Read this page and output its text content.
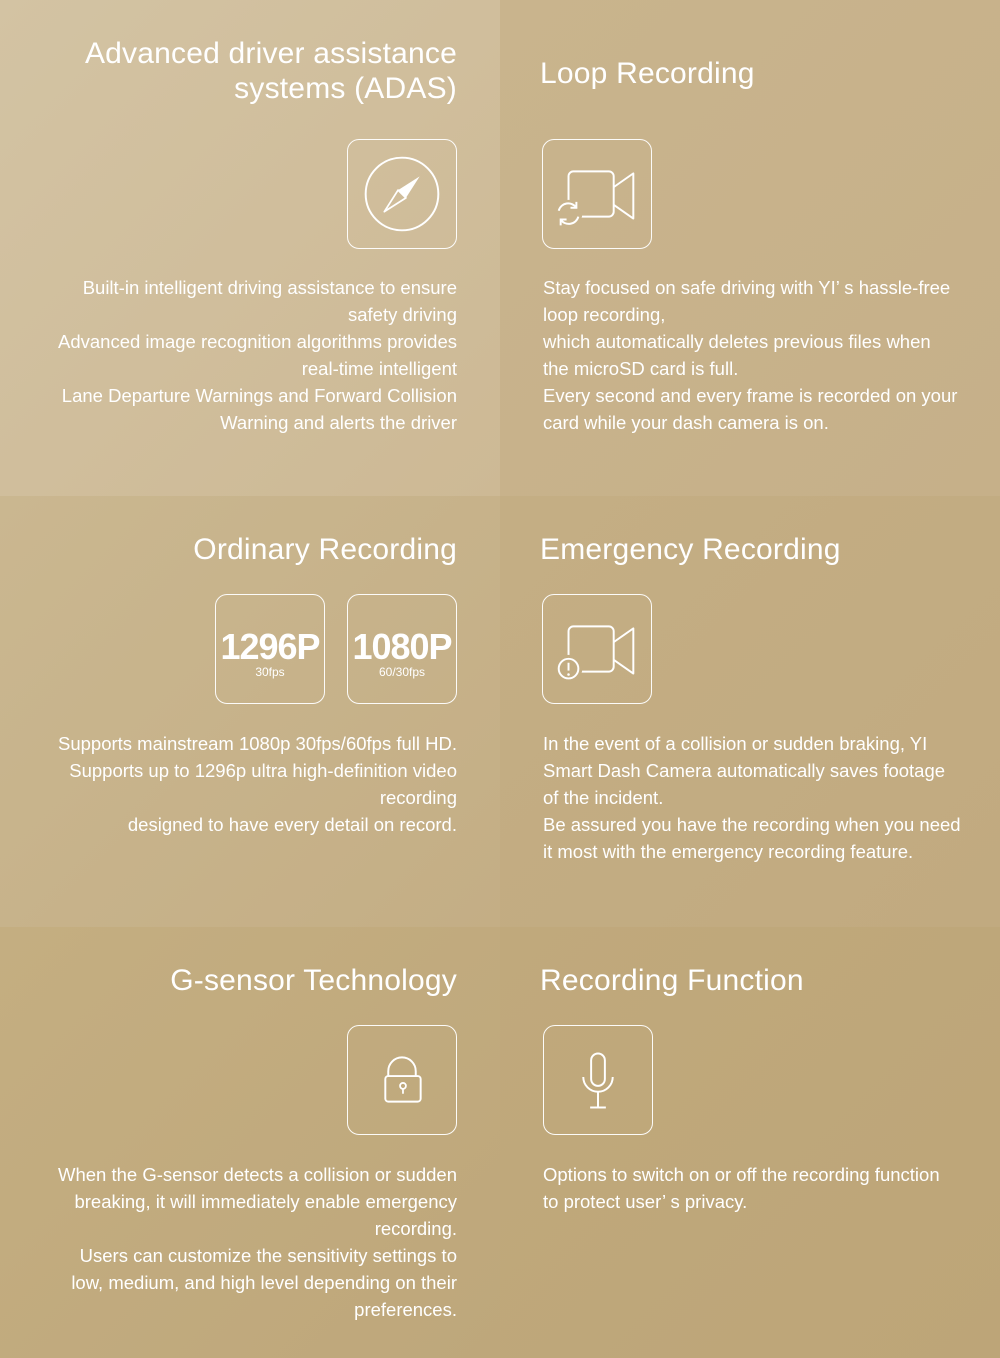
Advanced driver assistance
systems (ADAS)
Built-in intelligent driving assistance to ensure
safety driving
Advanced image recognition algorithms provides
real-time intelligent
Lane Departure Warnings and Forward Collision
Warning and alerts the driver
Loop Recording
Stay focused on safe driving with YI’ s hassle-free
loop recording,
which automatically deletes previous files when
the microSD card is full.
Every second and every frame is recorded on your
card while your dash camera is on.
Ordinary Recording
1296P
30fps
1080P
60/30fps
Supports mainstream 1080p 30fps/60fps full HD.
Supports up to 1296p ultra high-definition video
recording
designed to have every detail on record.
Emergency Recording
In the event of a collision or sudden braking, YI
Smart Dash Camera automatically saves footage
of the incident.
Be assured you have the recording when you need
it most with the emergency recording feature.
G-sensor Technology
When the G-sensor detects a collision or sudden
breaking, it will immediately enable emergency
recording.
Users can customize the sensitivity settings to
low, medium, and high level depending on their
preferences.
Recording Function
Options to switch on or off the recording function
to protect user’ s privacy.
